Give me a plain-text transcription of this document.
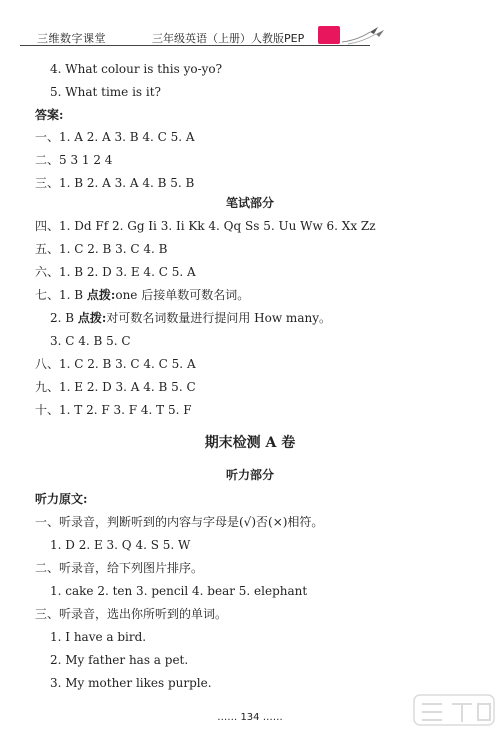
三维数字课堂	三年级英语（上册）人教版PEP
4. What colour is this yo-yo?
5. What time is it?
答案:
一、1. A 2. A 3. B 4. C 5. A
二、5 3 1 2 4
三、1. B 2. A 3. A 4. B 5. B
笔试部分
四、1. Dd Ff 2. Gg Ii 3. Ii Kk 4. Qq Ss 5. Uu Ww 6. Xx Zz
五、1. C 2. B 3. C 4. B
六、1. B 2. D 3. E 4. C 5. A
七、1. B 点拨:one 后接单数可数名词。
2. B 点拨:对可数名词数量进行提问用 How many。
3. C 4. B 5. C
八、1. C 2. B 3. C 4. C 5. A
九、1. E 2. D 3. A 4. B 5. C
十、1. T 2. F 3. F 4. T 5. F
期末检测 A 卷
听力部分
听力原文:
一、听录音，判断听到的内容与字母是(√)否(×)相符。
1. D 2. E 3. Q 4. S 5. W
二、听录音，给下列图片排序。
1. cake 2. ten 3. pencil 4. bear 5. elephant
三、听录音，选出你所听到的单词。
1. I have a bird.
2. My father has a pet.
3. My mother likes purple.
…… 134 ……
